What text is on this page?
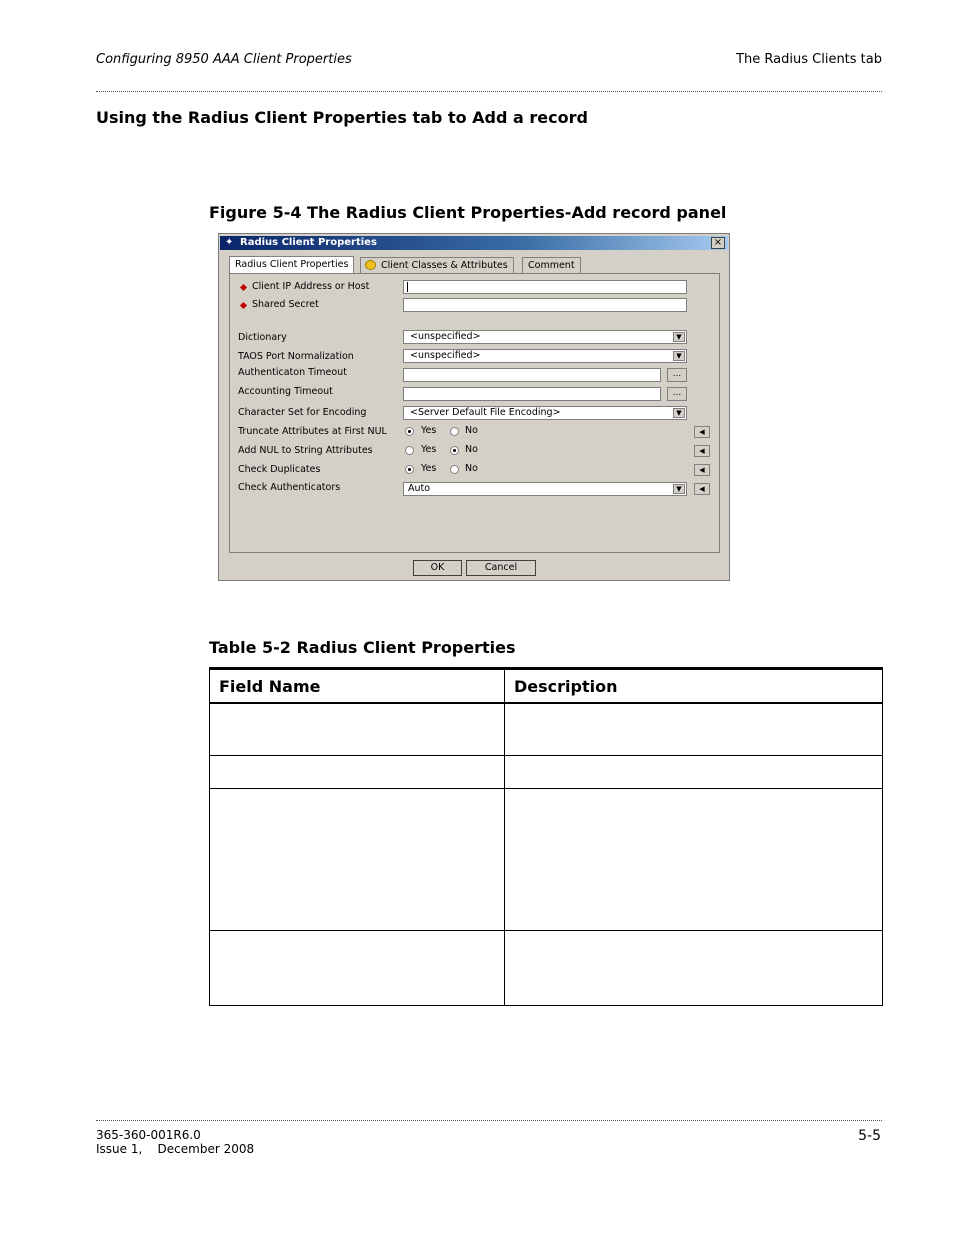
Configuring 8950 AAA Client Properties	The Radius Clients tab
Using the Radius Client Properties tab to Add a record
Figure 5-4 The Radius Client Properties-Add record panel
✦ Radius Client Properties	×
Radius Client Properties	Client Classes & Attributes	Comment
Client IP Address or Host
Shared Secret
Dictionary	<unspecified>	▼
TAOS Port Normalization	<unspecified>	▼
Authenticaton Timeout	...
Accounting Timeout	...
Character Set for Encoding	<Server Default File Encoding>	▼
Truncate Attributes at First NUL	Yes	No	◀
Add NUL to String Attributes	Yes	No	◀
Check Duplicates	Yes	No	◀
Check Authenticators	Auto	▼	◀
OK	Cancel
Table 5-2 Radius Client Properties
Field Name	Description

365-360-001R6.0
Issue 1,    December 2008
5-5
